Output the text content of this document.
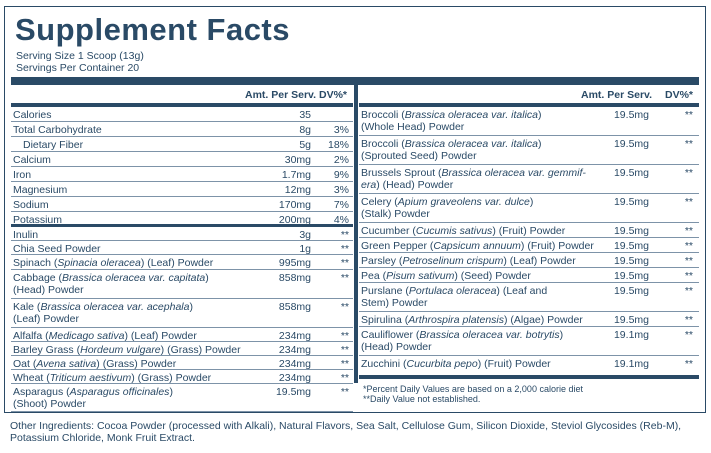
Supplement Facts
Serving Size 1 Scoop (13g)
Servings Per Container 20
Amt. Per Serv. DV%*
Calories	35
Total Carbohydrate	8g	3%
Dietary Fiber	5g	18%
Calcium	30mg	2%
Iron	1.7mg	9%
Magnesium	12mg	3%
Sodium	170mg	7%
Potassium	200mg	4%
Inulin	3g	**
Chia Seed Powder	1g	**
Spinach (Spinacia oleracea) (Leaf) Powder	995mg	**
Cabbage (Brassica oleracea var. capitata)
(Head) Powder
858mg	**
Kale (Brassica oleracea var. acephala)
(Leaf) Powder
858mg	**
Alfalfa (Medicago sativa) (Leaf) Powder	234mg	**
Barley Grass (Hordeum vulgare) (Grass) Powder	234mg	**
Oat (Avena sativa) (Grass) Powder	234mg	**
Wheat (Triticum aestivum) (Grass) Powder	234mg	**
Asparagus (Asparagus officinales)
(Shoot) Powder
19.5mg	**
Amt. Per Serv. DV%*
Broccoli (Brassica oleracea var. italica)
(Whole Head) Powder
19.5mg	**
Broccoli (Brassica oleracea var. italica)
(Sprouted Seed) Powder
19.5mg	**
Brussels Sprout (Brassica oleracea var. gemmif-
era) (Head) Powder
19.5mg	**
Celery (Apium graveolens var. dulce)
(Stalk) Powder
19.5mg	**
Cucumber (Cucumis sativus) (Fruit) Powder	19.5mg	**
Green Pepper (Capsicum annuum) (Fruit) Powder	19.5mg	**
Parsley (Petroselinum crispum) (Leaf) Powder	19.5mg	**
Pea (Pisum sativum) (Seed) Powder	19.5mg	**
Purslane (Portulaca oleracea) (Leaf and
Stem) Powder
19.5mg	**
Spirulina (Arthrospira platensis) (Algae) Powder	19.5mg	**
Cauliflower (Brassica oleracea var. botrytis)
(Head) Powder
19.1mg	**
Zucchini (Cucurbita pepo) (Fruit) Powder	19.1mg	**
*Percent Daily Values are based on a 2,000 calorie diet
**Daily Value not established.
Other Ingredients: Cocoa Powder (processed with Alkali), Natural Flavors, Sea Salt, Cellulose Gum, Silicon Dioxide, Steviol Glycosides (Reb-M), Potassium Chloride, Monk Fruit Extract.
